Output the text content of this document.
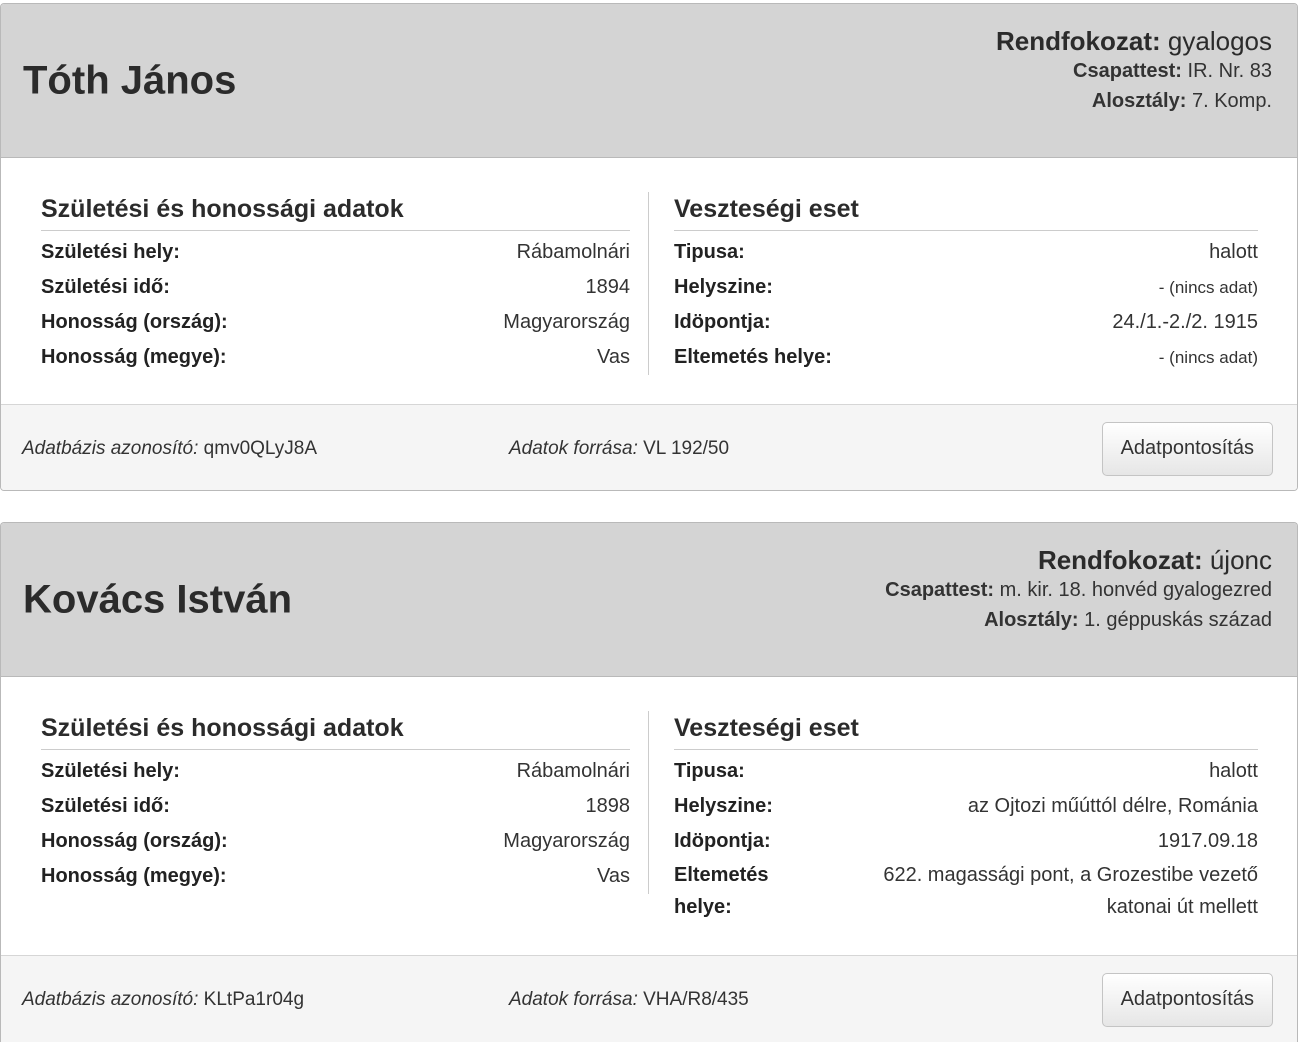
Tóth János
Rendfokozat: gyalogos
Csapattest: IR. Nr. 83
Alosztály: 7. Komp.
Születési és honossági adatok
Születési hely:	Rábamolnári
Születési idő:	1894
Honosság (ország):	Magyarország
Honosság (megye):	Vas
Veszteségi eset
Tipusa:	halott
Helyszine:	- (nincs adat)
Idöpontja:	24./1.-2./2. 1915
Eltemetés helye:	- (nincs adat)
Adatbázis azonosító: qmv0QLyJ8A	Adatok forrása: VL 192/50	Adatpontosítás
Kovács István
Rendfokozat: újonc
Csapattest: m. kir. 18. honvéd gyalogezred
Alosztály: 1. géppuskás század
Születési és honossági adatok
Születési hely:	Rábamolnári
Születési idő:	1898
Honosság (ország):	Magyarország
Honosság (megye):	Vas
Veszteségi eset
Tipusa:	halott
Helyszine:	az Ojtozi műúttól délre, Románia
Idöpontja:	1917.09.18
Eltemetés helye:
622. magassági pont, a Grozestibe vezető katonai út mellett
Adatbázis azonosító: KLtPa1r04g	Adatok forrása: VHA/R8/435	Adatpontosítás
